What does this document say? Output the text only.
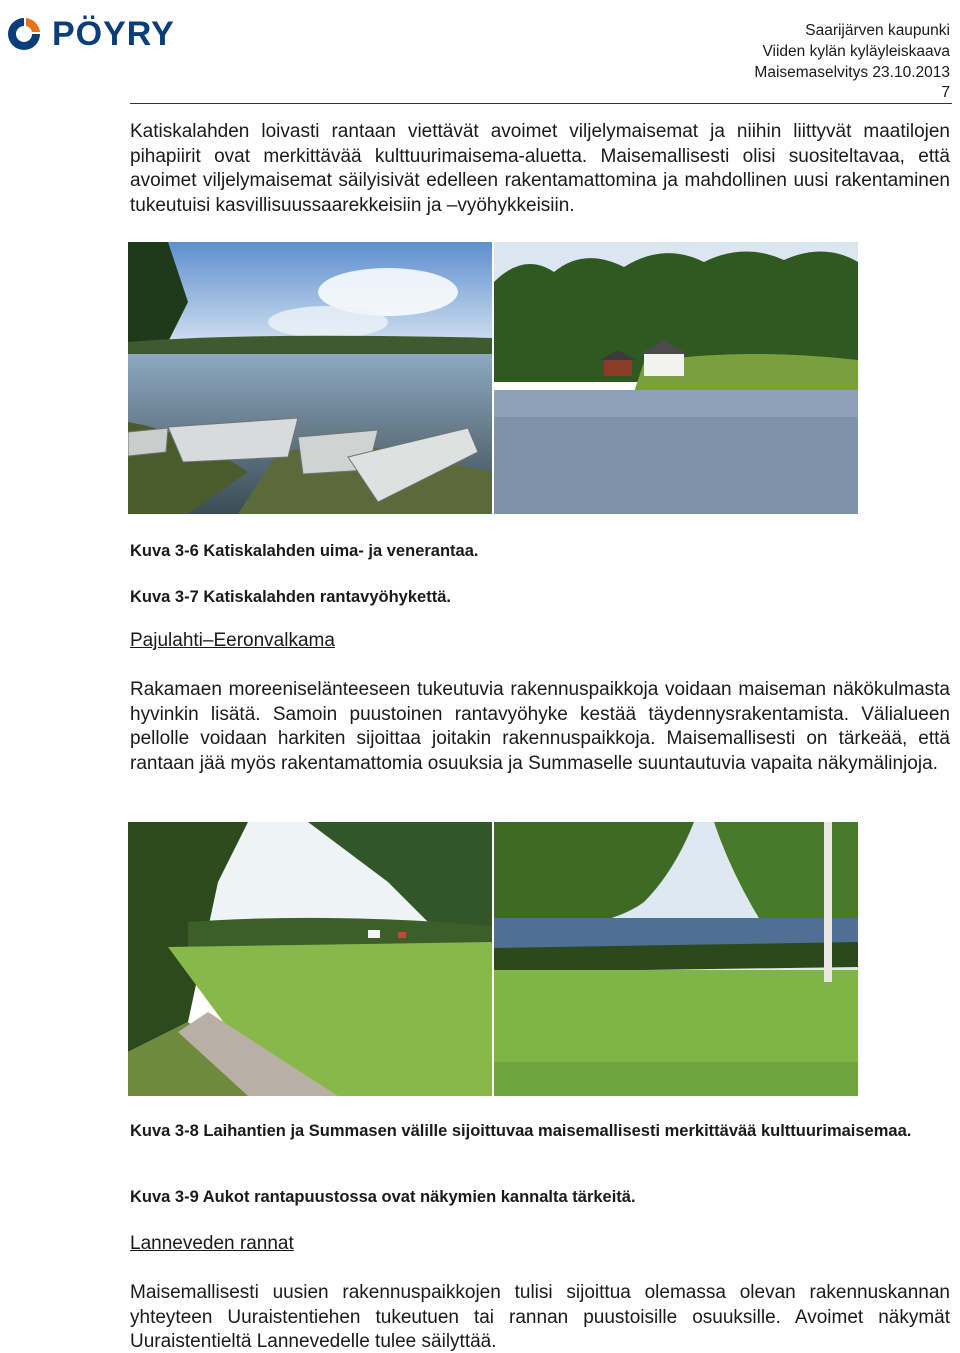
PÖYRY	Saarijärven kaupunki
Viiden kylän kyläyleiskaava
Maisemaselvitys 23.10.2013
7

Katiskalahden loivasti rantaan viettävät avoimet viljelymaisemat ja niihin liittyvät maatilojen pihapiirit ovat merkittävää kulttuurimaisema-aluetta. Maisemallisesti olisi suositeltavaa, että avoimet viljelymaisemat säilyisivät edelleen rakentamattomina ja mahdollinen uusi rakentaminen tukeutuisi kasvillisuussaarekkeisiin ja –vyöhykkeisiin.

Kuva 3-6 Katiskalahden uima- ja venerantaa.

Kuva 3-7 Katiskalahden rantavyöhykettä.

Pajulahti–Eeronvalkama

Rakamaen moreeniselänteeseen tukeutuvia rakennuspaikkoja voidaan maiseman näkökulmasta hyvinkin lisätä. Samoin puustoinen rantavyöhyke kestää täydennysrakentamista. Välialueen pellolle voidaan harkiten sijoittaa joitakin rakennuspaikkoja. Maisemallisesti on tärkeää, että rantaan jää myös rakentamattomia osuuksia ja Summaselle suuntautuvia vapaita näkymälinjoja.

Kuva 3-8 Laihantien ja Summasen välille sijoittuvaa maisemallisesti merkittävää kulttuurimaisemaa.

Kuva 3-9 Aukot rantapuustossa ovat näkymien kannalta tärkeitä.

Lanneveden rannat

Maisemallisesti uusien rakennuspaikkojen tulisi sijoittua olemassa olevan rakennuskannan yhteyteen Uuraistentiehen tukeutuen tai rannan puustoisille osuuksille. Avoimet näkymät Uuraistentieltä Lannevedelle tulee säilyttää.
